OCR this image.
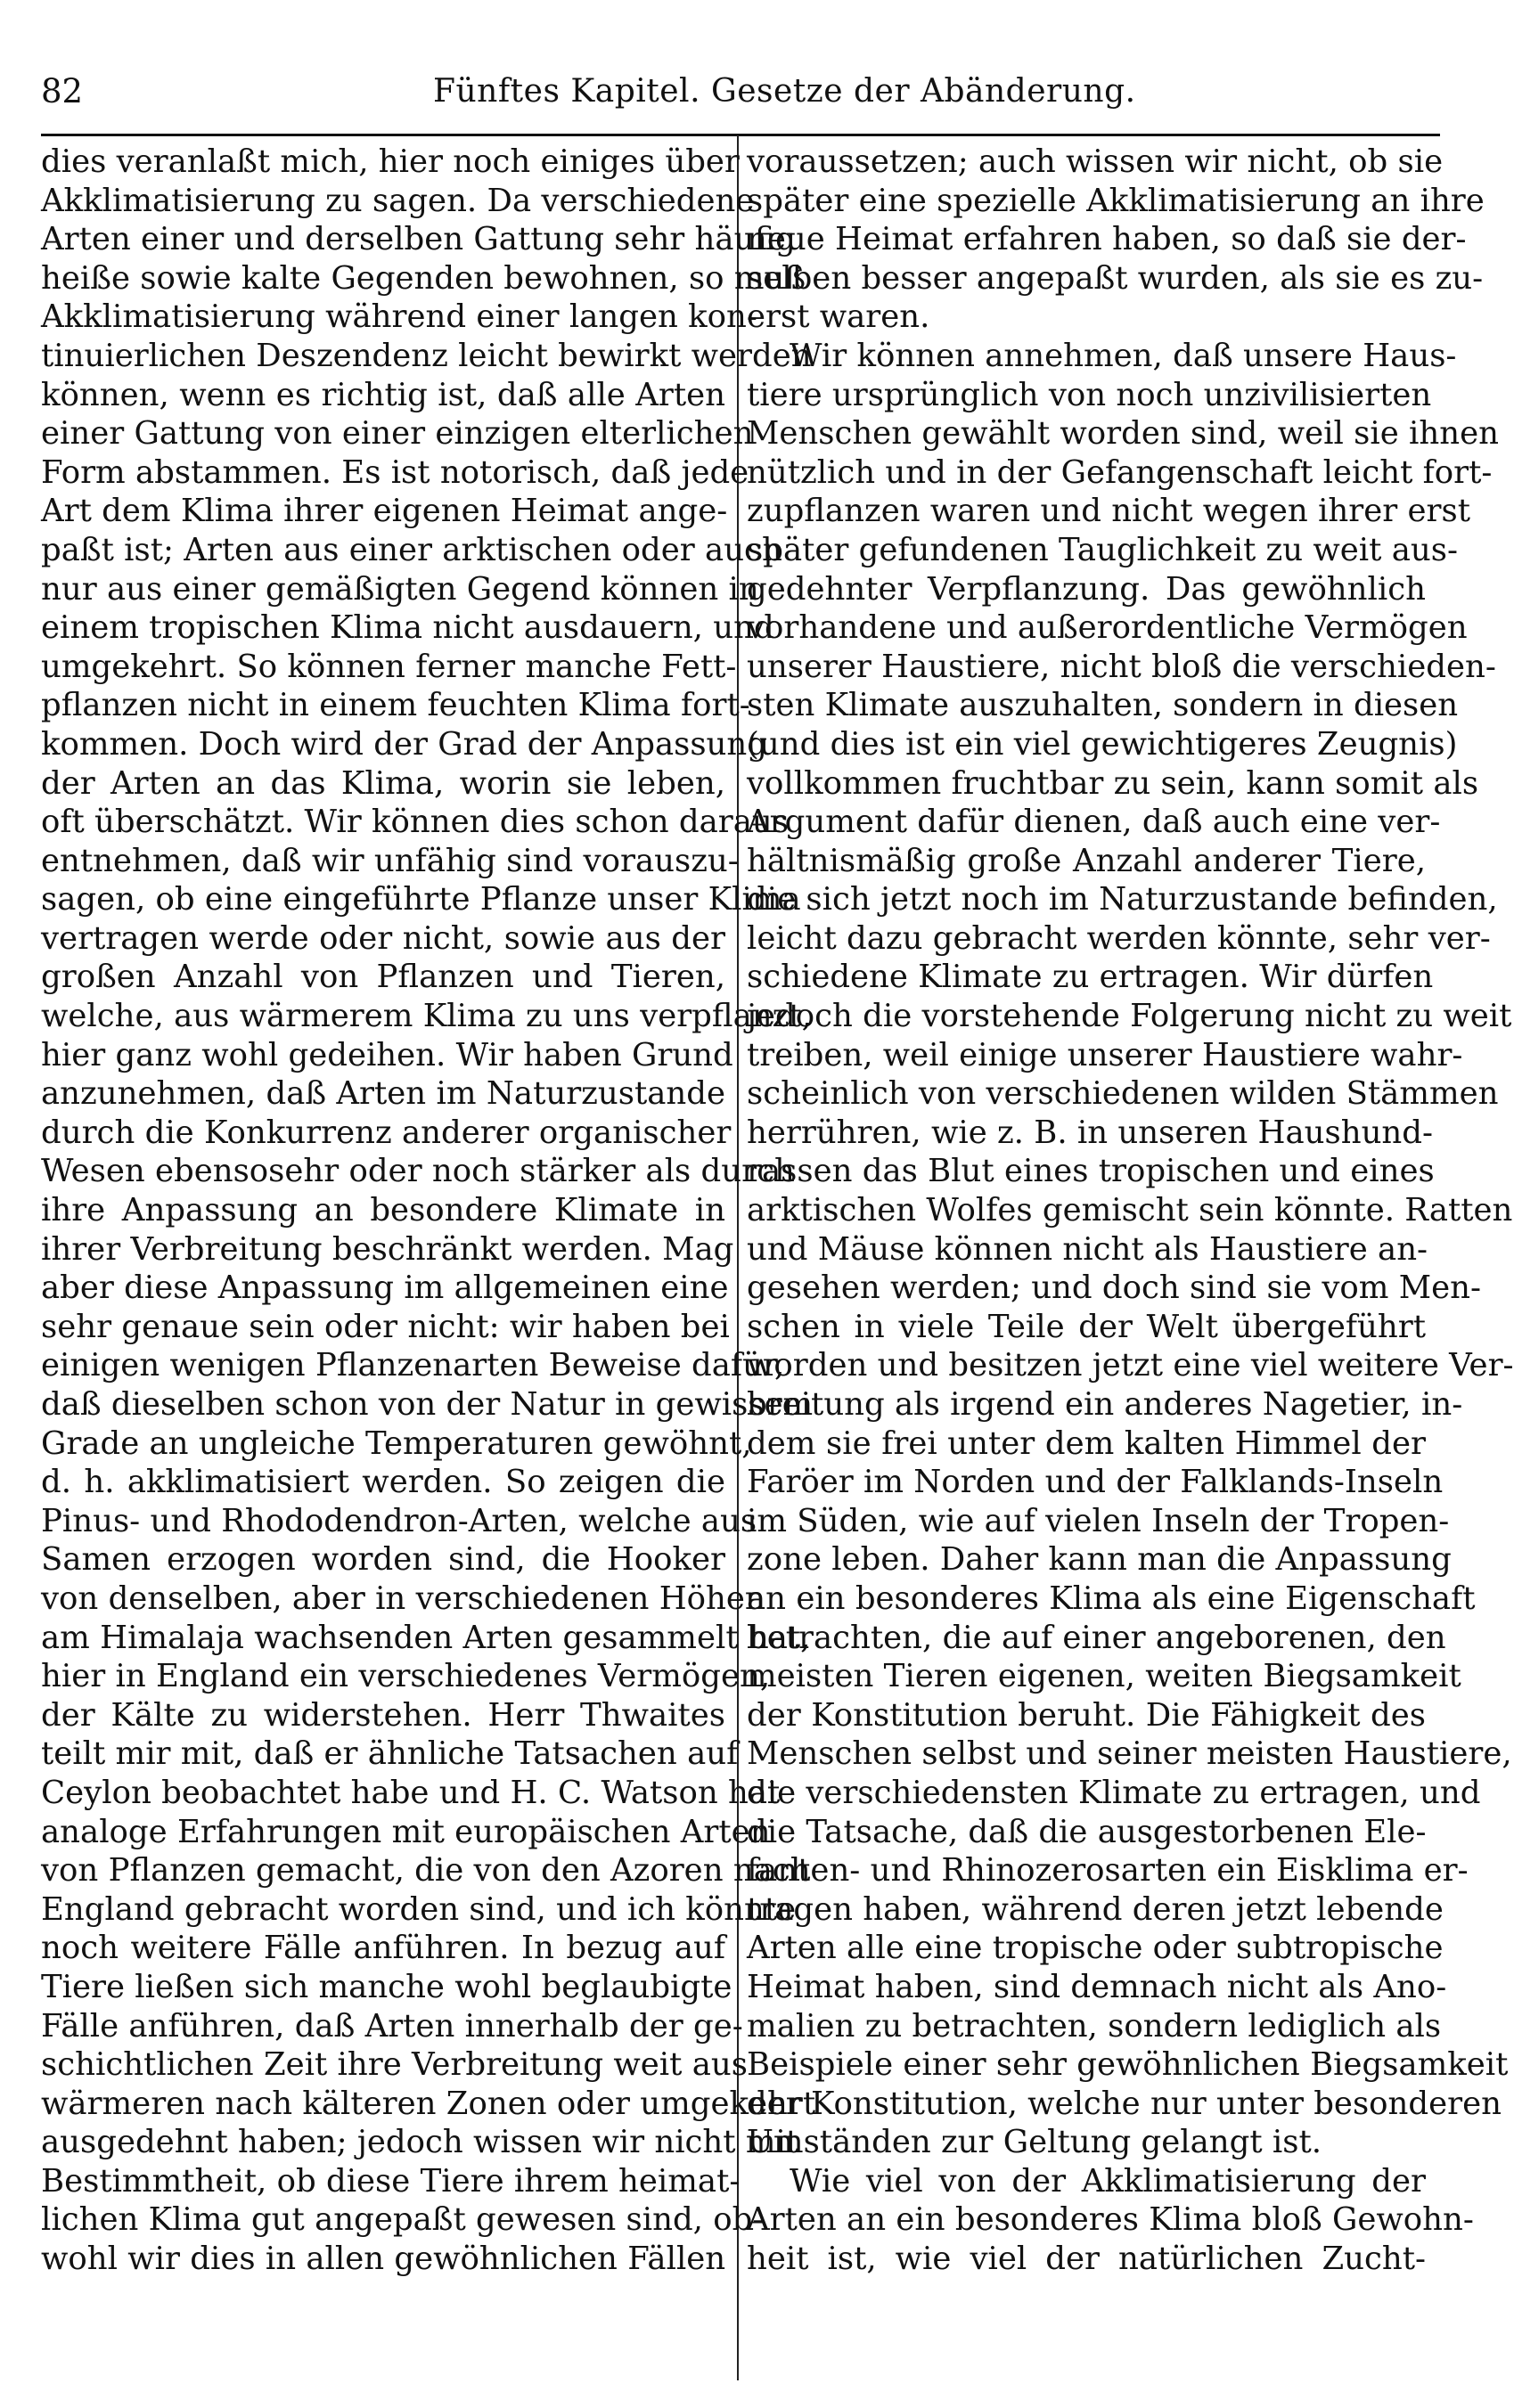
82	Fünftes Kapitel. Gesetze der Abänderung.
dies veranlaßt mich, hier noch einiges über
Akklimatisierung zu sagen. Da verschiedene
Arten einer und derselben Gattung sehr häufig
heiße sowie kalte Gegenden bewohnen, so muß
Akklimatisierung während einer langen kon-
tinuierlichen Deszendenz leicht bewirkt werden
können, wenn es richtig ist, daß alle Arten
einer Gattung von einer einzigen elterlichen
Form abstammen. Es ist notorisch, daß jede
Art dem Klima ihrer eigenen Heimat ange-
paßt ist; Arten aus einer arktischen oder auch
nur aus einer gemäßigten Gegend können in
einem tropischen Klima nicht ausdauern, und
umgekehrt. So können ferner manche Fett-
pflanzen nicht in einem feuchten Klima fort-
kommen. Doch wird der Grad der Anpassung
der Arten an das Klima, worin sie leben,
oft überschätzt. Wir können dies schon daraus
entnehmen, daß wir unfähig sind vorauszu-
sagen, ob eine eingeführte Pflanze unser Klima
vertragen werde oder nicht, sowie aus der
großen Anzahl von Pflanzen und Tieren,
welche, aus wärmerem Klima zu uns verpflanzt,
hier ganz wohl gedeihen. Wir haben Grund
anzunehmen, daß Arten im Naturzustande
durch die Konkurrenz anderer organischer
Wesen ebensosehr oder noch stärker als durch
ihre Anpassung an besondere Klimate in
ihrer Verbreitung beschränkt werden. Mag
aber diese Anpassung im allgemeinen eine
sehr genaue sein oder nicht: wir haben bei
einigen wenigen Pflanzenarten Beweise dafür,
daß dieselben schon von der Natur in gewissem
Grade an ungleiche Temperaturen gewöhnt,
d. h. akklimatisiert werden. So zeigen die
Pinus- und Rhododendron-Arten, welche aus
Samen erzogen worden sind, die Hooker
von denselben, aber in verschiedenen Höhen
am Himalaja wachsenden Arten gesammelt hat,
hier in England ein verschiedenes Vermögen,
der Kälte zu widerstehen. Herr Thwaites
teilt mir mit, daß er ähnliche Tatsachen auf
Ceylon beobachtet habe und H. C. Watson hat
analoge Erfahrungen mit europäischen Arten
von Pflanzen gemacht, die von den Azoren nach
England gebracht worden sind, und ich könnte
noch weitere Fälle anführen. In bezug auf
Tiere ließen sich manche wohl beglaubigte
Fälle anführen, daß Arten innerhalb der ge-
schichtlichen Zeit ihre Verbreitung weit aus
wärmeren nach kälteren Zonen oder umgekehrt
ausgedehnt haben; jedoch wissen wir nicht mit
Bestimmtheit, ob diese Tiere ihrem heimat-
lichen Klima gut angepaßt gewesen sind, ob-
wohl wir dies in allen gewöhnlichen Fällen
voraussetzen; auch wissen wir nicht, ob sie
später eine spezielle Akklimatisierung an ihre
neue Heimat erfahren haben, so daß sie der-
selben besser angepaßt wurden, als sie es zu-
erst waren.
Wir können annehmen, daß unsere Haus-
tiere ursprünglich von noch unzivilisierten
Menschen gewählt worden sind, weil sie ihnen
nützlich und in der Gefangenschaft leicht fort-
zupflanzen waren und nicht wegen ihrer erst
später gefundenen Tauglichkeit zu weit aus-
gedehnter Verpflanzung. Das gewöhnlich
vorhandene und außerordentliche Vermögen
unserer Haustiere, nicht bloß die verschieden-
sten Klimate auszuhalten, sondern in diesen
(und dies ist ein viel gewichtigeres Zeugnis)
vollkommen fruchtbar zu sein, kann somit als
Argument dafür dienen, daß auch eine ver-
hältnismäßig große Anzahl anderer Tiere,
die sich jetzt noch im Naturzustande befinden,
leicht dazu gebracht werden könnte, sehr ver-
schiedene Klimate zu ertragen. Wir dürfen
jedoch die vorstehende Folgerung nicht zu weit
treiben, weil einige unserer Haustiere wahr-
scheinlich von verschiedenen wilden Stämmen
herrühren, wie z. B. in unseren Haushund-
rassen das Blut eines tropischen und eines
arktischen Wolfes gemischt sein könnte. Ratten
und Mäuse können nicht als Haustiere an-
gesehen werden; und doch sind sie vom Men-
schen in viele Teile der Welt übergeführt
worden und besitzen jetzt eine viel weitere Ver-
breitung als irgend ein anderes Nagetier, in-
dem sie frei unter dem kalten Himmel der
Faröer im Norden und der Falklands-Inseln
im Süden, wie auf vielen Inseln der Tropen-
zone leben. Daher kann man die Anpassung
an ein besonderes Klima als eine Eigenschaft
betrachten, die auf einer angeborenen, den
meisten Tieren eigenen, weiten Biegsamkeit
der Konstitution beruht. Die Fähigkeit des
Menschen selbst und seiner meisten Haustiere,
die verschiedensten Klimate zu ertragen, und
die Tatsache, daß die ausgestorbenen Ele-
fanten- und Rhinozerosarten ein Eisklima er-
tragen haben, während deren jetzt lebende
Arten alle eine tropische oder subtropische
Heimat haben, sind demnach nicht als Ano-
malien zu betrachten, sondern lediglich als
Beispiele einer sehr gewöhnlichen Biegsamkeit
der Konstitution, welche nur unter besonderen
Umständen zur Geltung gelangt ist.
Wie viel von der Akklimatisierung der
Arten an ein besonderes Klima bloß Gewohn-
heit ist, wie viel der natürlichen Zucht-
